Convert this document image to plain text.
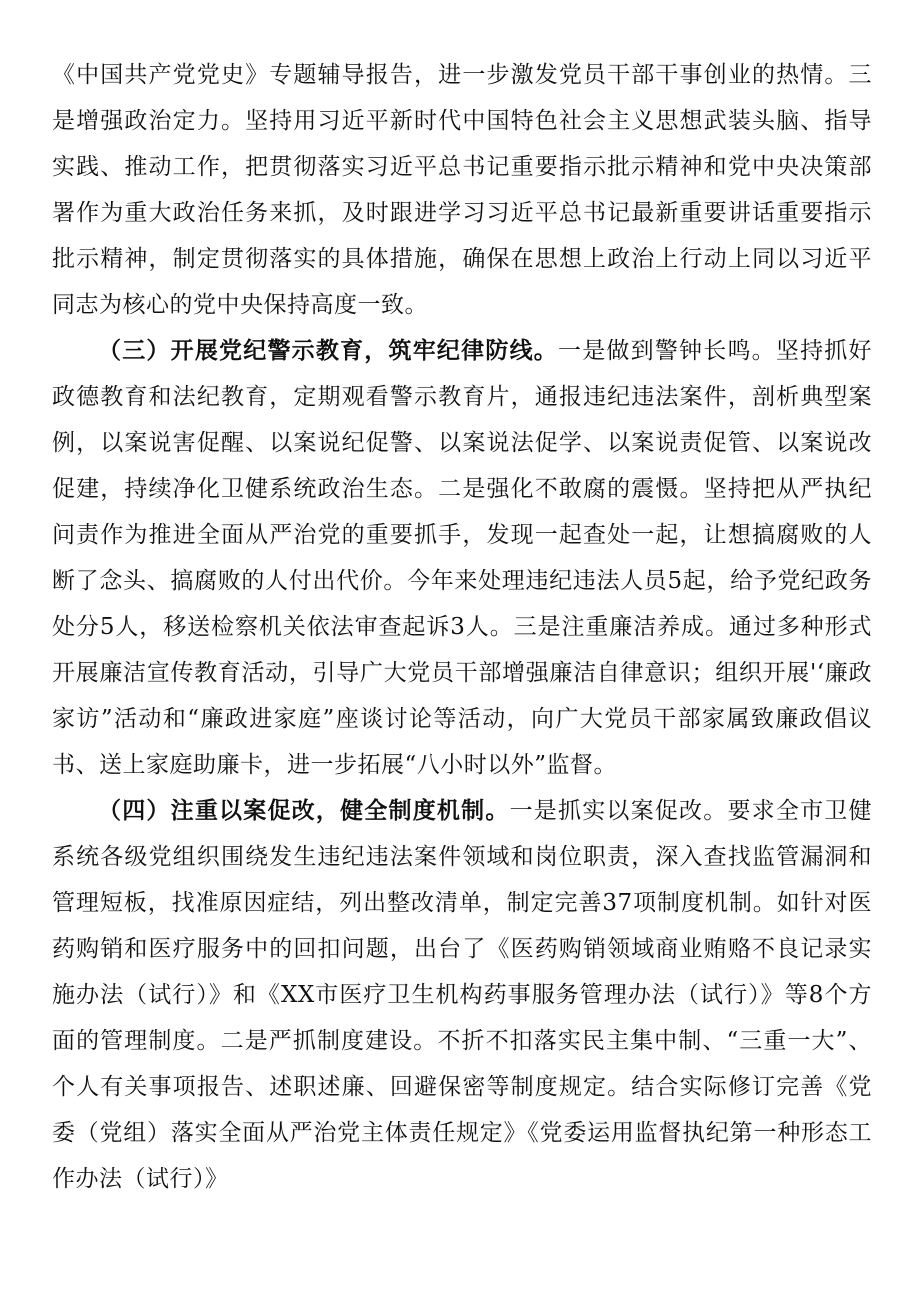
《中国共产党党史》专题辅导报告，进一步激发党员干部干事创业的热情。三是增强政治定力。坚持用习近平新时代中国特色社会主义思想武装头脑、指导实践、推动工作，把贯彻落实习近平总书记重要指示批示精神和党中央决策部署作为重大政治任务来抓，及时跟进学习习近平总书记最新重要讲话重要指示批示精神，制定贯彻落实的具体措施，确保在思想上政治上行动上同以习近平同志为核心的党中央保持高度一致。

（三）开展党纪警示教育，筑牢纪律防线。一是做到警钟长鸣。坚持抓好政德教育和法纪教育，定期观看警示教育片，通报违纪违法案件，剖析典型案例，以案说害促醒、以案说纪促警、以案说法促学、以案说责促管、以案说改促建，持续净化卫健系统政治生态。二是强化不敢腐的震慑。坚持把从严执纪问责作为推进全面从严治党的重要抓手，发现一起查处一起，让想搞腐败的人断了念头、搞腐败的人付出代价。今年来处理违纪违法人员5起，给予党纪政务处分5人，移送检察机关依法审查起诉3人。三是注重廉洁养成。通过多种形式开展廉洁宣传教育活动，引导广大党员干部增强廉洁自律意识；组织开展'‘廉政家访”活动和“廉政进家庭”座谈讨论等活动，向广大党员干部家属致廉政倡议书、送上家庭助廉卡，进一步拓展“八小时以外”监督。

（四）注重以案促改，健全制度机制。一是抓实以案促改。要求全市卫健系统各级党组织围绕发生违纪违法案件领域和岗位职责，深入查找监管漏洞和管理短板，找准原因症结，列出整改清单，制定完善37项制度机制。如针对医药购销和医疗服务中的回扣问题，出台了《医药购销领域商业贿赂不良记录实施办法（试行）》和《XX市医疗卫生机构药事服务管理办法（试行）》等8个方面的管理制度。二是严抓制度建设。不折不扣落实民主集中制、“三重一大”、个人有关事项报告、述职述廉、回避保密等制度规定。结合实际修订完善《党委（党组）落实全面从严治党主体责任规定》《党委运用监督执纪第一种形态工作办法（试行）》
